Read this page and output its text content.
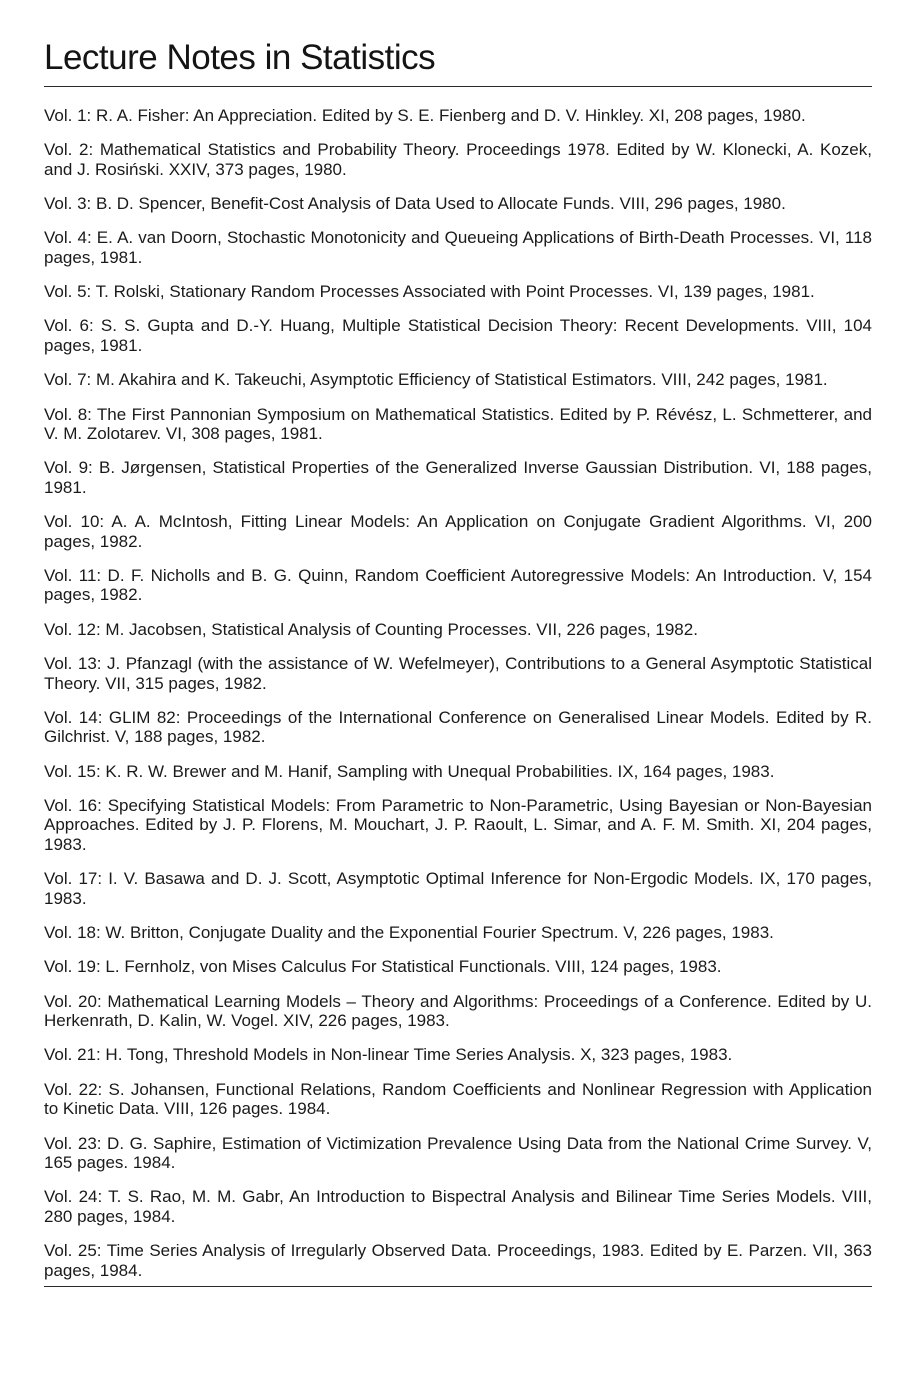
Lecture Notes in Statistics

Vol. 1: R. A. Fisher: An Appreciation. Edited by S. E. Fienberg and D. V. Hinkley. XI, 208 pages, 1980.

Vol. 2: Mathematical Statistics and Probability Theory. Proceedings 1978. Edited by W. Klonecki, A. Kozek, and J. Rosiński. XXIV, 373 pages, 1980.

Vol. 3: B. D. Spencer, Benefit-Cost Analysis of Data Used to Allocate Funds. VIII, 296 pages, 1980.

Vol. 4: E. A. van Doorn, Stochastic Monotonicity and Queueing Applications of Birth-Death Processes. VI, 118 pages, 1981.

Vol. 5: T. Rolski, Stationary Random Processes Associated with Point Processes. VI, 139 pages, 1981.

Vol. 6: S. S. Gupta and D.-Y. Huang, Multiple Statistical Decision Theory: Recent Developments. VIII, 104 pages, 1981.

Vol. 7: M. Akahira and K. Takeuchi, Asymptotic Efficiency of Statistical Estimators. VIII, 242 pages, 1981.

Vol. 8: The First Pannonian Symposium on Mathematical Statistics. Edited by P. Révész, L. Schmetterer, and V. M. Zolotarev. VI, 308 pages, 1981.

Vol. 9: B. Jørgensen, Statistical Properties of the Generalized Inverse Gaussian Distribution. VI, 188 pages, 1981.

Vol. 10: A. A. McIntosh, Fitting Linear Models: An Application on Conjugate Gradient Algorithms. VI, 200 pages, 1982.

Vol. 11: D. F. Nicholls and B. G. Quinn, Random Coefficient Autoregressive Models: An Introduction. V, 154 pages, 1982.

Vol. 12: M. Jacobsen, Statistical Analysis of Counting Processes. VII, 226 pages, 1982.

Vol. 13: J. Pfanzagl (with the assistance of W. Wefelmeyer), Contributions to a General Asymptotic Statistical Theory. VII, 315 pages, 1982.

Vol. 14: GLIM 82: Proceedings of the International Conference on Generalised Linear Models. Edited by R. Gilchrist. V, 188 pages, 1982.

Vol. 15: K. R. W. Brewer and M. Hanif, Sampling with Unequal Probabilities. IX, 164 pages, 1983.

Vol. 16: Specifying Statistical Models: From Parametric to Non-Parametric, Using Bayesian or Non-Bayesian Approaches. Edited by J. P. Florens, M. Mouchart, J. P. Raoult, L. Simar, and A. F. M. Smith. XI, 204 pages, 1983.

Vol. 17: I. V. Basawa and D. J. Scott, Asymptotic Optimal Inference for Non-Ergodic Models. IX, 170 pages, 1983.

Vol. 18: W. Britton, Conjugate Duality and the Exponential Fourier Spectrum. V, 226 pages, 1983.

Vol. 19: L. Fernholz, von Mises Calculus For Statistical Functionals. VIII, 124 pages, 1983.

Vol. 20: Mathematical Learning Models – Theory and Algorithms: Proceedings of a Conference. Edited by U. Herkenrath, D. Kalin, W. Vogel. XIV, 226 pages, 1983.

Vol. 21: H. Tong, Threshold Models in Non-linear Time Series Analysis. X, 323 pages, 1983.

Vol. 22: S. Johansen, Functional Relations, Random Coefficients and Nonlinear Regression with Application to Kinetic Data. VIII, 126 pages. 1984.

Vol. 23: D. G. Saphire, Estimation of Victimization Prevalence Using Data from the National Crime Survey. V, 165 pages. 1984.

Vol. 24: T. S. Rao, M. M. Gabr, An Introduction to Bispectral Analysis and Bilinear Time Series Models. VIII, 280 pages, 1984.

Vol. 25: Time Series Analysis of Irregularly Observed Data. Proceedings, 1983. Edited by E. Parzen. VII, 363 pages, 1984.
